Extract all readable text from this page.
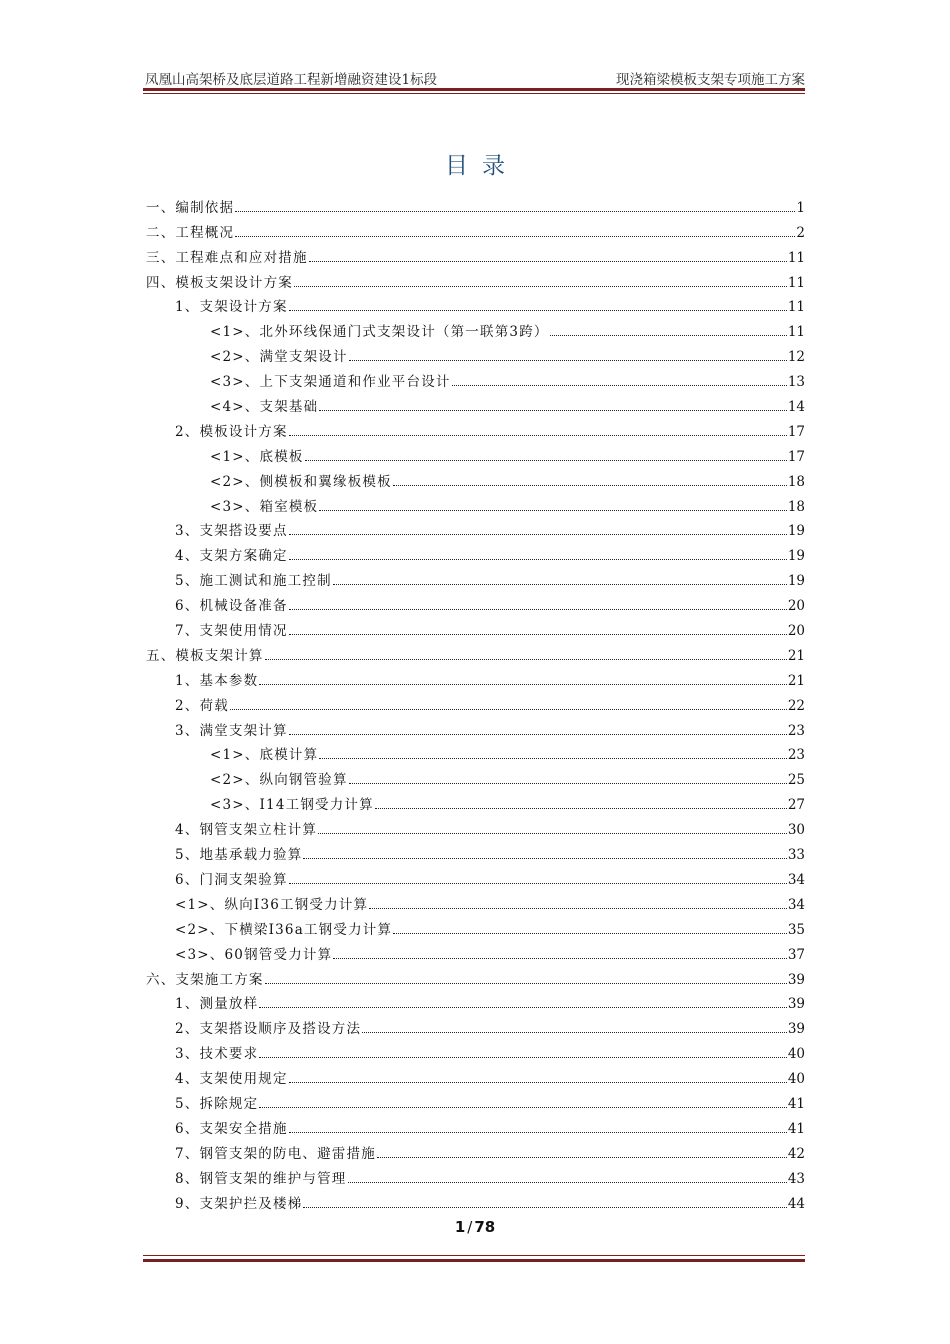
凤凰山高架桥及底层道路工程新增融资建设1标段	现浇箱梁模板支架专项施工方案
目录
一、编制依据	1
二、工程概况	2
三、工程难点和应对措施	11
四、模板支架设计方案	11
1、支架设计方案	11
<1>、北外环线保通门式支架设计（第一联第3跨）	11
<2>、满堂支架设计	12
<3>、上下支架通道和作业平台设计	13
<4>、支架基础	14
2、模板设计方案	17
<1>、底模板	17
<2>、侧模板和翼缘板模板	18
<3>、箱室模板	18
3、支架搭设要点	19
4、支架方案确定	19
5、施工测试和施工控制	19
6、机械设备准备	20
7、支架使用情况	20
五、模板支架计算	21
1、基本参数	21
2、荷载	22
3、满堂支架计算	23
<1>、底模计算	23
<2>、纵向钢管验算	25
<3>、I14工钢受力计算	27
4、钢管支架立柱计算	30
5、地基承载力验算	33
6、门洞支架验算	34
<1>、纵向I36工钢受力计算	34
<2>、下横梁I36a工钢受力计算	35
<3>、60钢管受力计算	37
六、支架施工方案	39
1、测量放样	39
2、支架搭设顺序及搭设方法	39
3、技术要求	40
4、支架使用规定	40
5、拆除规定	41
6、支架安全措施	41
7、钢管支架的防电、避雷措施	42
8、钢管支架的维护与管理	43
9、支架护拦及楼梯	44
1 / 78
